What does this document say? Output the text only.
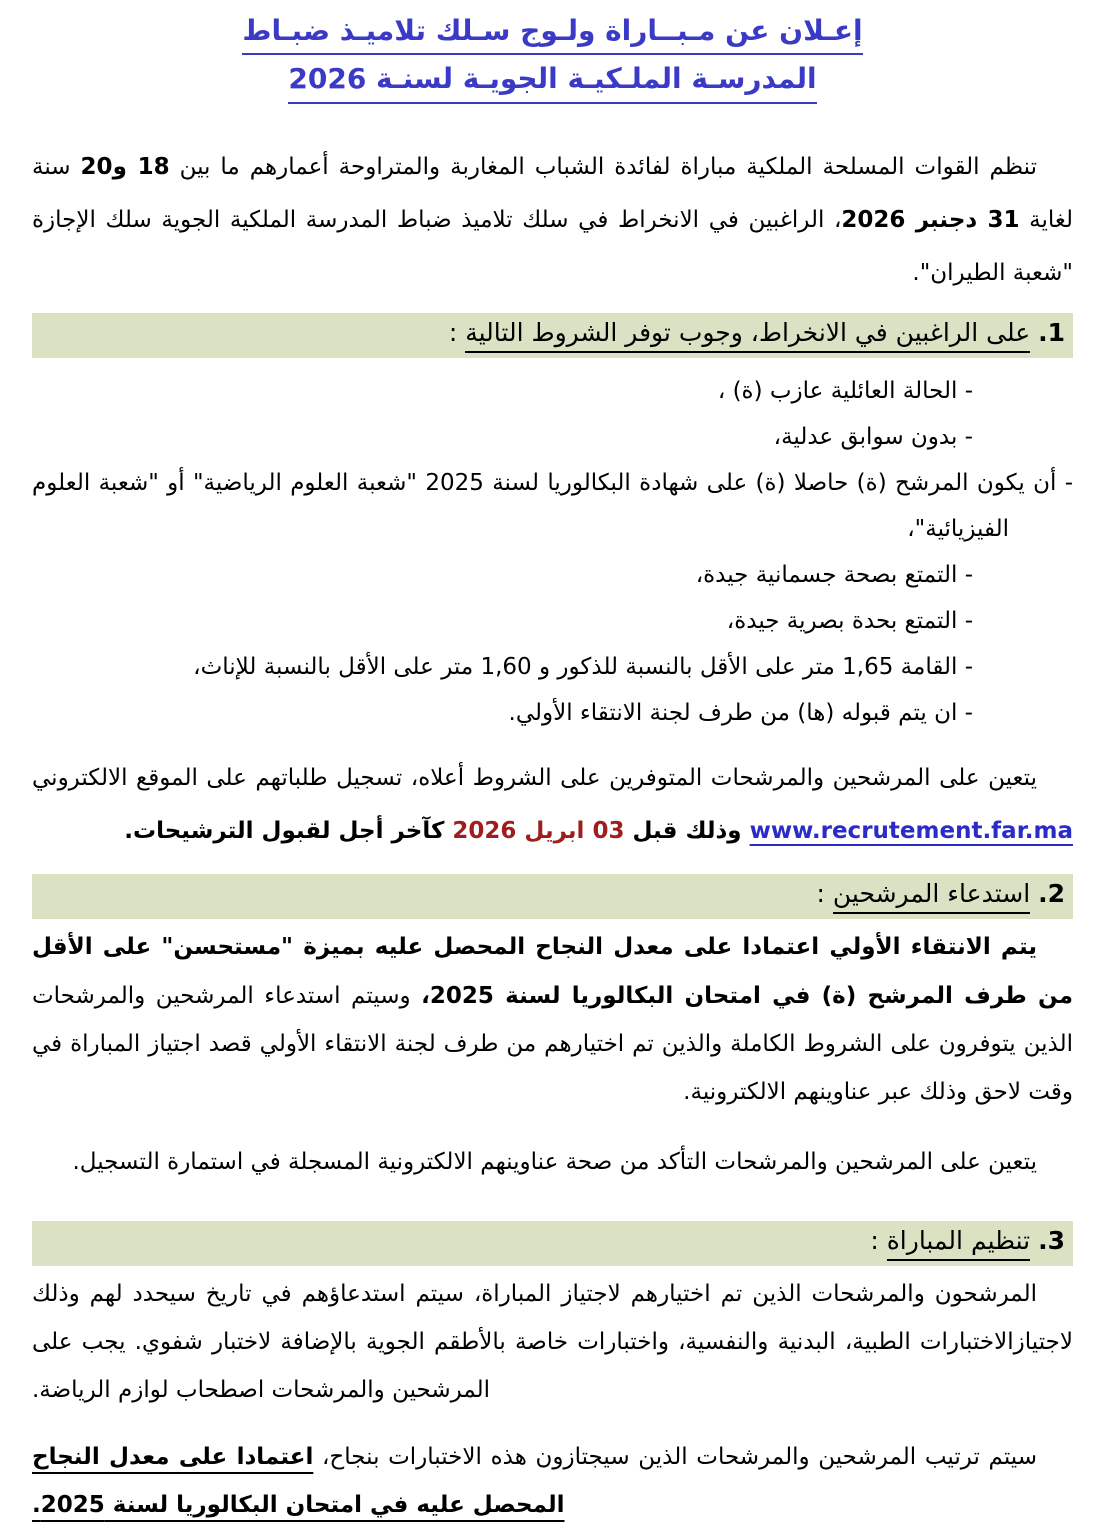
إعـلان عن مـبــاراة ولـوج سـلك تلاميـذ ضبـاط
المدرسـة الملـكيـة الجويـة لسنـة 2026

تنظم القوات المسلحة الملكية مباراة لفائدة الشباب المغاربة والمتراوحة أعمارهم ما بين 18 و20 سنة لغاية 31 دجنبر 2026، الراغبين في الانخراط في سلك تلاميذ ضباط المدرسة الملكية الجوية سلك الإجازة "شعبة الطيران".

1. على الراغبين في الانخراط، وجوب توفر الشروط التالية :

- الحالة العائلية عازب (ة) ،

- بدون سوابق عدلية،

- أن يكون المرشح (ة) حاصلا (ة) على شهادة البكالوريا لسنة 2025 "شعبة العلوم الرياضية" أو "شعبة العلوم الفيزيائية"،

- التمتع بصحة جسمانية جيدة،

- التمتع بحدة بصرية جيدة،

- القامة 1,65 متر على الأقل بالنسبة للذكور و 1,60 متر على الأقل بالنسبة للإناث،

- ان يتم قبوله (ها) من طرف لجنة الانتقاء الأولي.

يتعين على المرشحين والمرشحات المتوفرين على الشروط أعلاه، تسجيل طلباتهم على الموقع الالكتروني www.recrutement.far.ma وذلك قبل 03 ابريل 2026 كآخر أجل لقبول الترشيحات.

2. استدعاء المرشحين :

يتم الانتقاء الأولي اعتمادا على معدل النجاح المحصل عليه بميزة "مستحسن" على الأقل من طرف المرشح (ة) في امتحان البكالوريا لسنة 2025، وسيتم استدعاء المرشحين والمرشحات الذين يتوفرون على الشروط الكاملة والذين تم اختيارهم من طرف لجنة الانتقاء الأولي قصد اجتياز المباراة في وقت لاحق وذلك عبر عناوينهم الالكترونية.

يتعين على المرشحين والمرشحات التأكد من صحة عناوينهم الالكترونية المسجلة في استمارة التسجيل.

3. تنظيم المباراة :

المرشحون والمرشحات الذين تم اختيارهم لاجتياز المباراة، سيتم استدعاؤهم في تاريخ سيحدد لهم وذلك لاجتيازالاختبارات الطبية، البدنية والنفسية، واختبارات خاصة بالأطقم الجوية بالإضافة لاختبار شفوي. يجب على المرشحين والمرشحات اصطحاب لوازم الرياضة.

سيتم ترتيب المرشحين والمرشحات الذين سيجتازون هذه الاختبارات بنجاح، اعتمادا على معدل النجاح المحصل عليه في امتحان البكالوريا لسنة 2025.
